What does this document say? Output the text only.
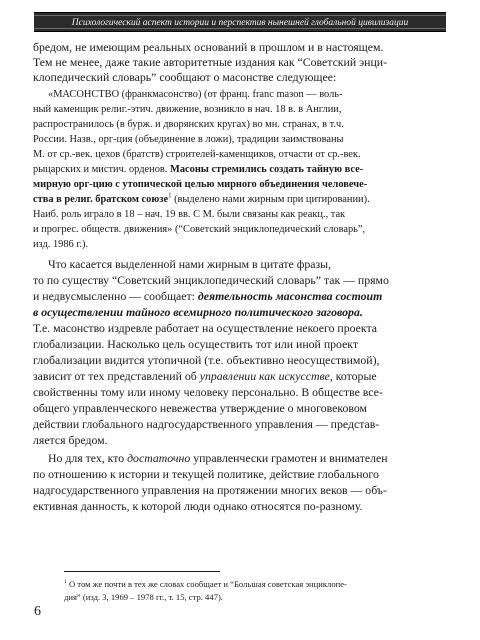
Психологический аспект истории и перспектив нынешней глобальной цивилизации
бредом, не имеющим реальных оснований в прошлом и в настоящем.
Тем не менее, даже такие авторитетные издания как “Советский энци-
клопедический словарь” сообщают о масонстве следующее:
«МАСОНСТВО (франкмасонство) (от франц. franc maзon — воль-
ный каменщик религ.-этич. движение, возникло в нач. 18 в. в Англии,
распространилось (в бурж. и дворянских кругах) во мн. странах, в т.ч.
России. Назв., орг-ция (объединение в ложи), традиции заимствованы
М. от ср.-век. цехов (братств) строителей-каменщиков, отчасти от ср.-век.
рыцарских и мистич. орденов. Масоны стремились создать тайную все-
мирную орг-цию с утопической целью мирного объединения человече-
ства в религ. братском союзе$^1$ (выделено нами жирным при цитировании).
Наиб. роль играло в 18 – нач. 19 вв. С М. были связаны как реакц., так
и прогрес. обществ. движения» (“Советский энциклопедический словарь”,
изд. 1986 г.).
Что касается выделенной нами жирным в цитате фразы,
то по существу “Советский энциклопедический словарь” так — прямо
и недвусмысленно — сообщает: деятельность масонства состоит
в осуществлении тайного всемирного политического заговора.
Т.е. масонство издревле работает на осуществление некоего проекта
глобализации. Насколько цель осуществить тот или иной проект
глобализации видится утопичной (т.е. объективно неосуществимой),
зависит от тех представлений об управлении как искусстве, которые
свойственны тому или иному человеку персонально. В обществе все-
общего управленческого невежества утверждение о многовековом
действии глобального надгосударственного управления — представ-
ляется бредом.
Но для тех, кто достаточно управленчески грамотен и внимателен
по отношению к истории и текущей политике, действие глобального
надгосударственного управления на протяжении многих веков — объ-
ективная данность, к которой люди однако относятся по-разному.
$^1$ О том же почти в тех же словах сообщает и “Большая советская энциклопе-
дия” (изд. 3, 1969 – 1978 гг., т. 15, стр. 447).
6
